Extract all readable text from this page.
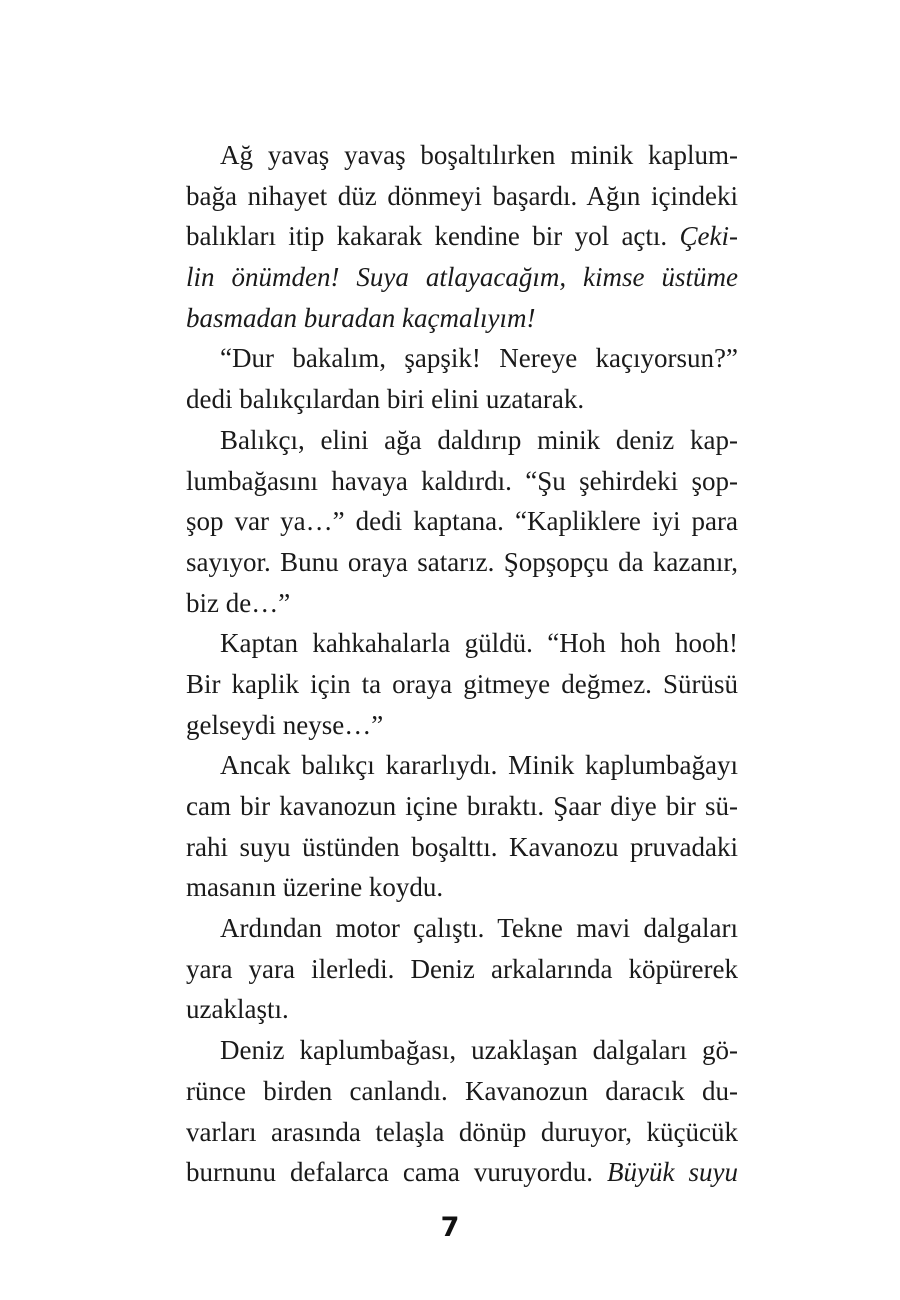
Ağ yavaş yavaş boşaltılırken minik kaplum-
bağa nihayet düz dönmeyi başardı. Ağın içindeki
balıkları itip kakarak kendine bir yol açtı. Çeki-
lin önümden! Suya atlayacağım, kimse üstüme
basmadan buradan kaçmalıyım!
“Dur bakalım, şapşik! Nereye kaçıyorsun?”
dedi balıkçılardan biri elini uzatarak.
Balıkçı, elini ağa daldırıp minik deniz kap-
lumbağasını havaya kaldırdı. “Şu şehirdeki şop-
şop var ya…” dedi kaptana. “Kapliklere iyi para
sayıyor. Bunu oraya satarız. Şopşopçu da kazanır,
biz de…”
Kaptan kahkahalarla güldü. “Hoh hoh hooh!
Bir kaplik için ta oraya gitmeye değmez. Sürüsü
gelseydi neyse…”
Ancak balıkçı kararlıydı. Minik kaplumbağayı
cam bir kavanozun içine bıraktı. Şaar diye bir sü-
rahi suyu üstünden boşalttı. Kavanozu pruvadaki
masanın üzerine koydu.
Ardından motor çalıştı. Tekne mavi dalgaları
yara yara ilerledi. Deniz arkalarında köpürerek
uzaklaştı.
Deniz kaplumbağası, uzaklaşan dalgaları gö-
rünce birden canlandı. Kavanozun daracık du-
varları arasında telaşla dönüp duruyor, küçücük
burnunu defalarca cama vuruyordu. Büyük suyu
7
